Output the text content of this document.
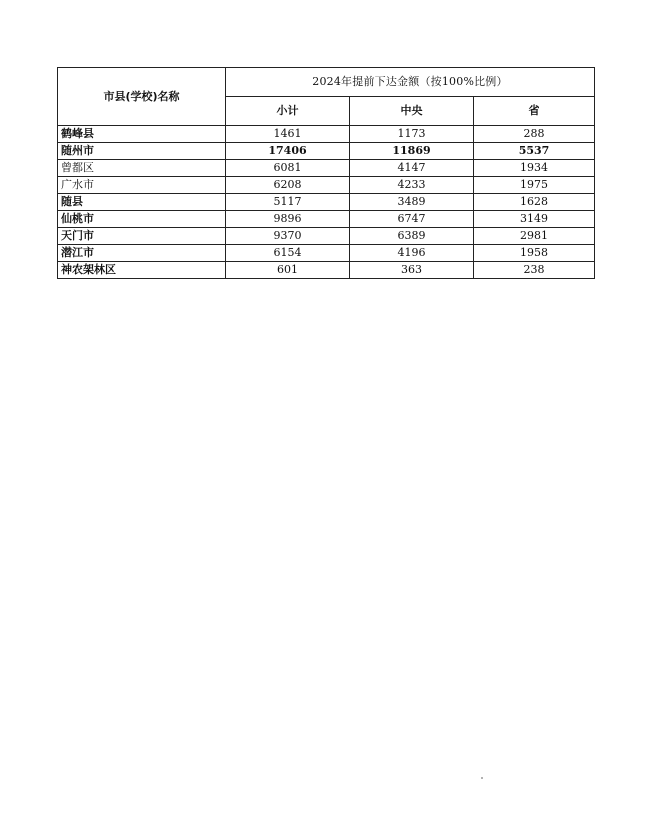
市县(学校)名称	2024年提前下达金额（按100%比例）		
	小计	中央	省
鹤峰县	1461	1173	288
随州市	17406	11869	5537
曾都区	6081	4147	1934
广水市	6208	4233	1975
随县	5117	3489	1628
仙桃市	9896	6747	3149
天门市	9370	6389	2981
潜江市	6154	4196	1958
神农架林区	601	363	238
